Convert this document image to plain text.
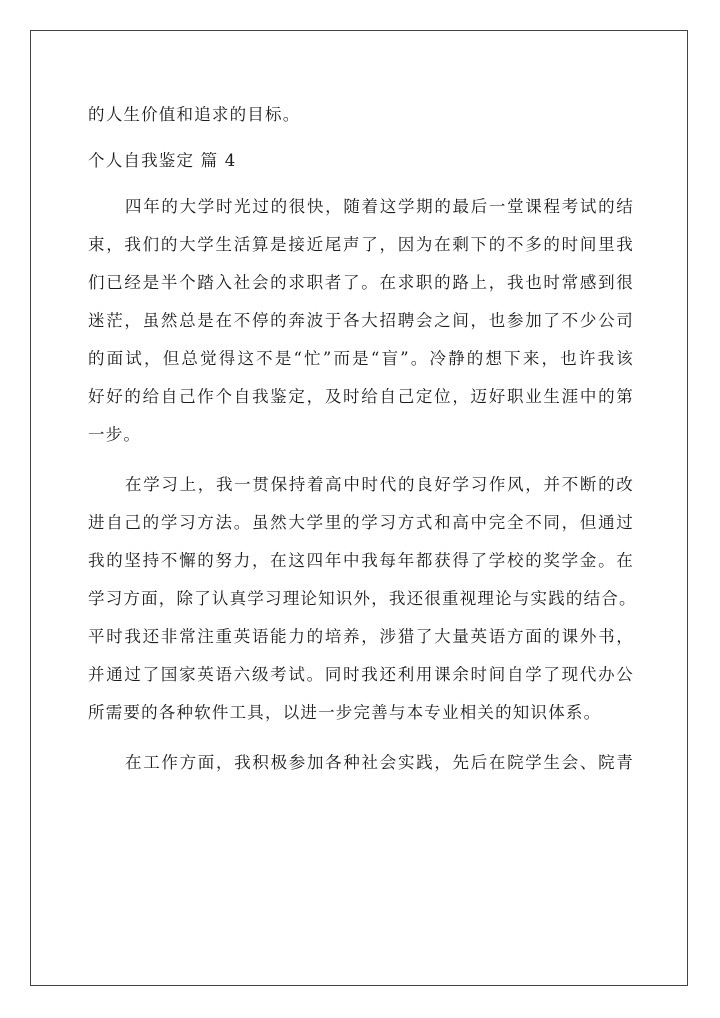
的人生价值和追求的目标。
个人自我鉴定 篇 4
四年的大学时光过的很快，随着这学期的最后一堂课程考试的结
束，我们的大学生活算是接近尾声了，因为在剩下的不多的时间里我
们已经是半个踏入社会的求职者了。在求职的路上，我也时常感到很
迷茫，虽然总是在不停的奔波于各大招聘会之间，也参加了不少公司
的面试，但总觉得这不是“忙”而是“盲”。冷静的想下来，也许我该
好好的给自己作个自我鉴定，及时给自己定位，迈好职业生涯中的第
一步。
在学习上，我一贯保持着高中时代的良好学习作风，并不断的改
进自己的学习方法。虽然大学里的学习方式和高中完全不同，但通过
我的坚持不懈的努力，在这四年中我每年都获得了学校的奖学金。在
学习方面，除了认真学习理论知识外，我还很重视理论与实践的结合。
平时我还非常注重英语能力的培养，涉猎了大量英语方面的课外书，
并通过了国家英语六级考试。同时我还利用课余时间自学了现代办公
所需要的各种软件工具，以进一步完善与本专业相关的知识体系。
在工作方面，我积极参加各种社会实践，先后在院学生会、院青
